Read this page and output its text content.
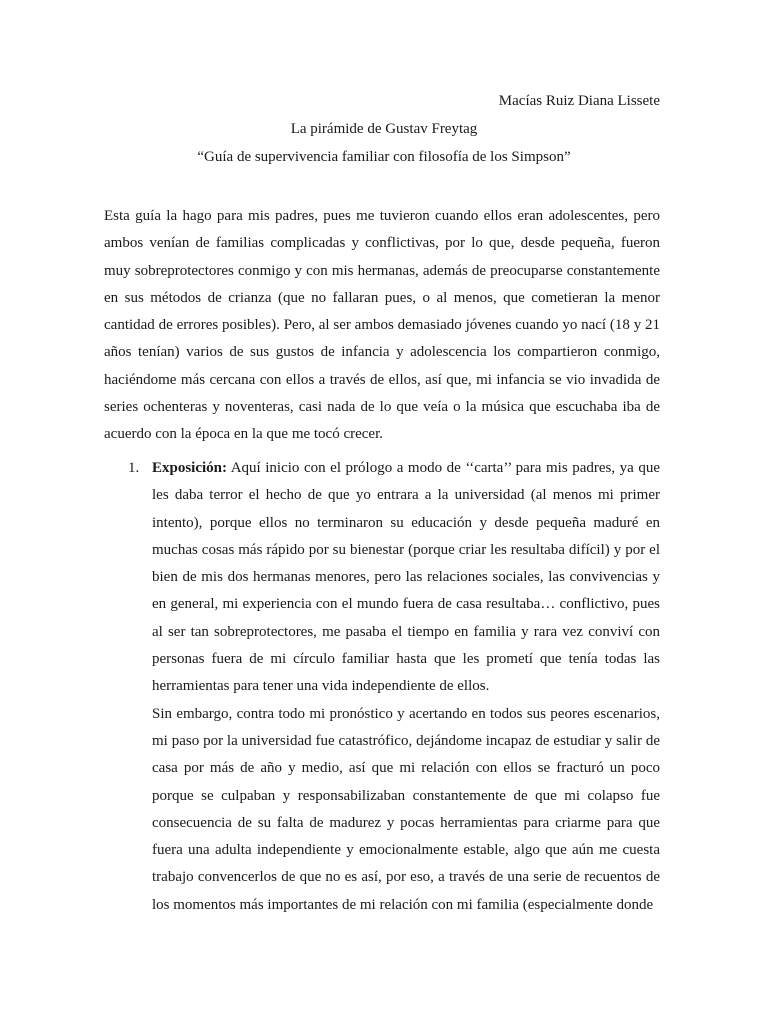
Macías Ruiz Diana Lissete
La pirámide de Gustav Freytag
“Guía de supervivencia familiar con filosofía de los Simpson”

Esta guía la hago para mis padres, pues me tuvieron cuando ellos eran adolescentes, pero ambos venían de familias complicadas y conflictivas, por lo que, desde pequeña, fueron muy sobreprotectores conmigo y con mis hermanas, además de preocuparse constantemente en sus métodos de crianza (que no fallaran pues, o al menos, que cometieran la menor cantidad de errores posibles). Pero, al ser ambos demasiado jóvenes cuando yo nací (18 y 21 años tenían) varios de sus gustos de infancia y adolescencia los compartieron conmigo, haciéndome más cercana con ellos a través de ellos, así que, mi infancia se vio invadida de series ochenteras y noventeras, casi nada de lo que veía o la música que escuchaba iba de acuerdo con la época en la que me tocó crecer.

1. Exposición: Aquí inicio con el prólogo a modo de ‘‘carta’’ para mis padres, ya que les daba terror el hecho de que yo entrara a la universidad (al menos mi primer intento), porque ellos no terminaron su educación y desde pequeña maduré en muchas cosas más rápido por su bienestar (porque criar les resultaba difícil) y por el bien de mis dos hermanas menores, pero las relaciones sociales, las convivencias y en general, mi experiencia con el mundo fuera de casa resultaba… conflictivo, pues al ser tan sobreprotectores, me pasaba el tiempo en familia y rara vez conviví con personas fuera de mi círculo familiar hasta que les prometí que tenía todas las herramientas para tener una vida independiente de ellos.

Sin embargo, contra todo mi pronóstico y acertando en todos sus peores escenarios, mi paso por la universidad fue catastrófico, dejándome incapaz de estudiar y salir de casa por más de año y medio, así que mi relación con ellos se fracturó un poco porque se culpaban y responsabilizaban constantemente de que mi colapso fue consecuencia de su falta de madurez y pocas herramientas para criarme para que fuera una adulta independiente y emocionalmente estable, algo que aún me cuesta trabajo convencerlos de que no es así, por eso, a través de una serie de recuentos de los momentos más importantes de mi relación con mi familia (especialmente donde
